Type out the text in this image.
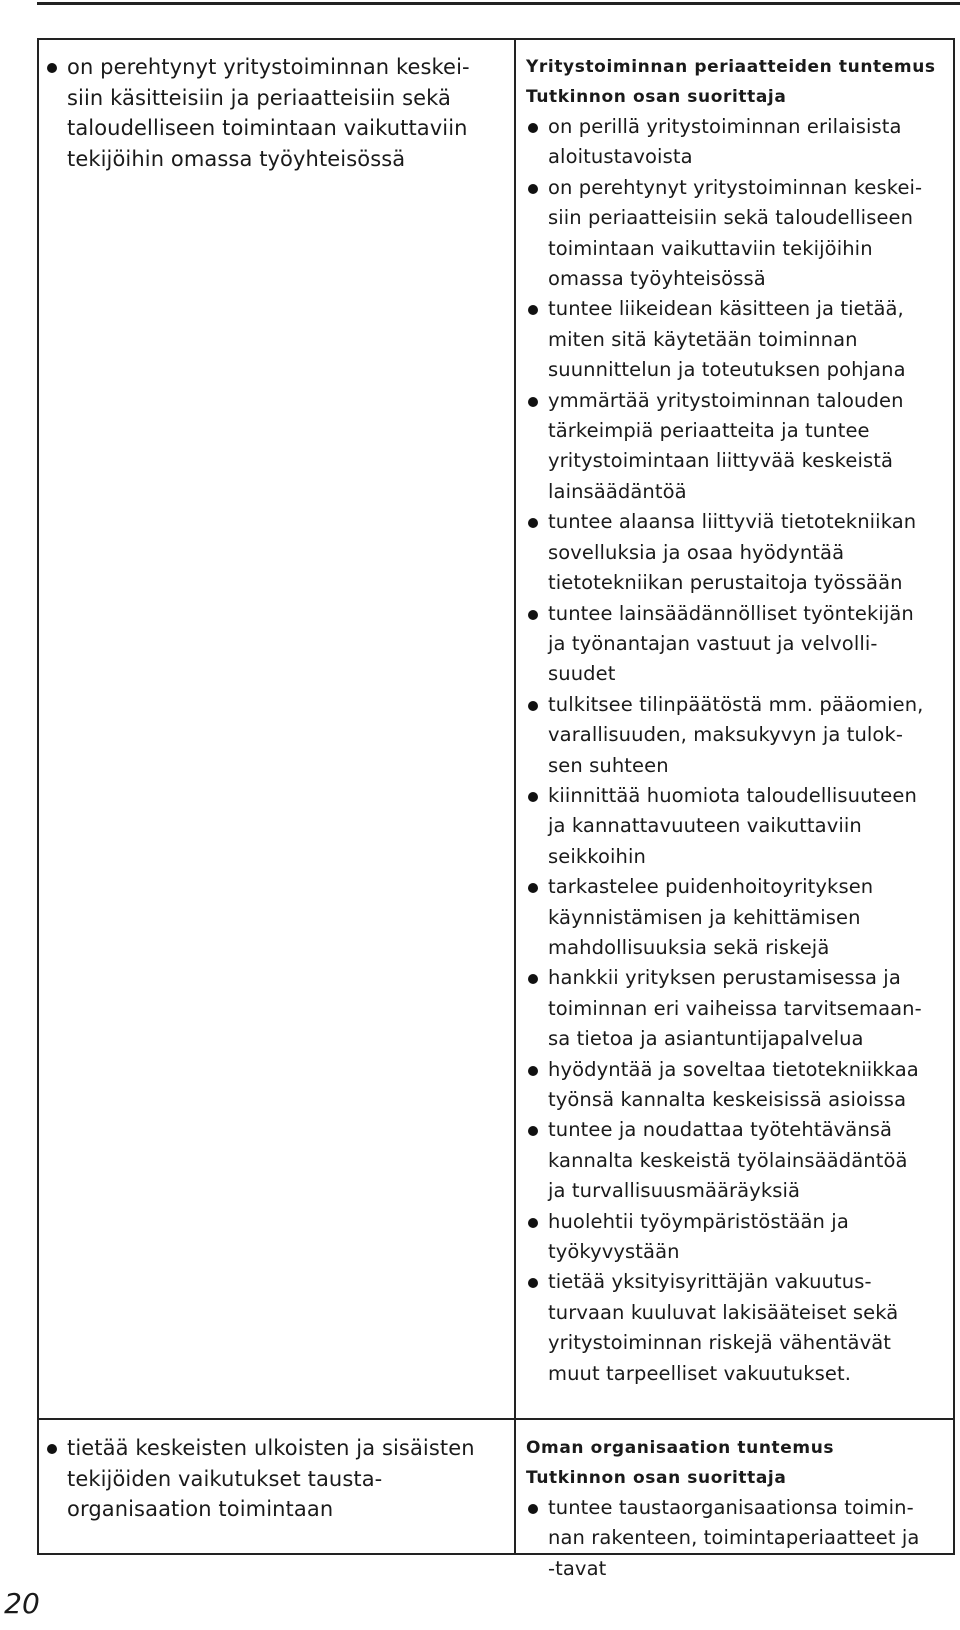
on perehtynyt yritystoiminnan keskei-
siin käsitteisiin ja periaatteisiin sekä
taloudelliseen toimintaan vaikuttaviin
tekijöihin omassa työyhteisössä

Yritystoiminnan periaatteiden tuntemus

Tutkinnon osan suorittaja

on perillä yritystoiminnan erilaisista
aloitustavoista
on perehtynyt yritystoiminnan keskei-
siin periaatteisiin sekä taloudelliseen
toimintaan vaikuttaviin tekijöihin
omassa työyhteisössä
tuntee liikeidean käsitteen ja tietää,
miten sitä käytetään toiminnan
suunnittelun ja toteutuksen pohjana
ymmärtää yritystoiminnan talouden
tärkeimpiä periaatteita ja tuntee
yritystoimintaan liittyvää keskeistä
lainsäädäntöä
tuntee alaansa liittyviä tietotekniikan
sovelluksia ja osaa hyödyntää
tietotekniikan perustaitoja työssään
tuntee lainsäädännölliset työntekijän
ja työnantajan vastuut ja velvolli-
suudet
tulkitsee tilinpäätöstä mm. pääomien,
varallisuuden, maksukyvyn ja tulok-
sen suhteen
kiinnittää huomiota taloudellisuuteen
ja kannattavuuteen vaikuttaviin
seikkoihin
tarkastelee puidenhoitoyrityksen
käynnistämisen ja kehittämisen
mahdollisuuksia sekä riskejä
hankkii yrityksen perustamisessa ja
toiminnan eri vaiheissa tarvitsemaan-
sa tietoa ja asiantuntijapalvelua
hyödyntää ja soveltaa tietotekniikkaa
työnsä kannalta keskeisissä asioissa
tuntee ja noudattaa työtehtävänsä
kannalta keskeistä työlainsäädäntöä
ja turvallisuusmääräyksiä
huolehtii työympäristöstään ja
työkyvystään
tietää yksityisyrittäjän vakuutus-
turvaan kuuluvat lakisääteiset sekä
yritystoiminnan riskejä vähentävät
muut tarpeelliset vakuutukset.
tietää keskeisten ulkoisten ja sisäisten
tekijöiden vaikutukset tausta-
organisaation toimintaan

Oman organisaation tuntemus

Tutkinnon osan suorittaja

tuntee taustaorganisaationsa toimin-
nan rakenteen, toimintaperiaatteet ja
-tavat
20
